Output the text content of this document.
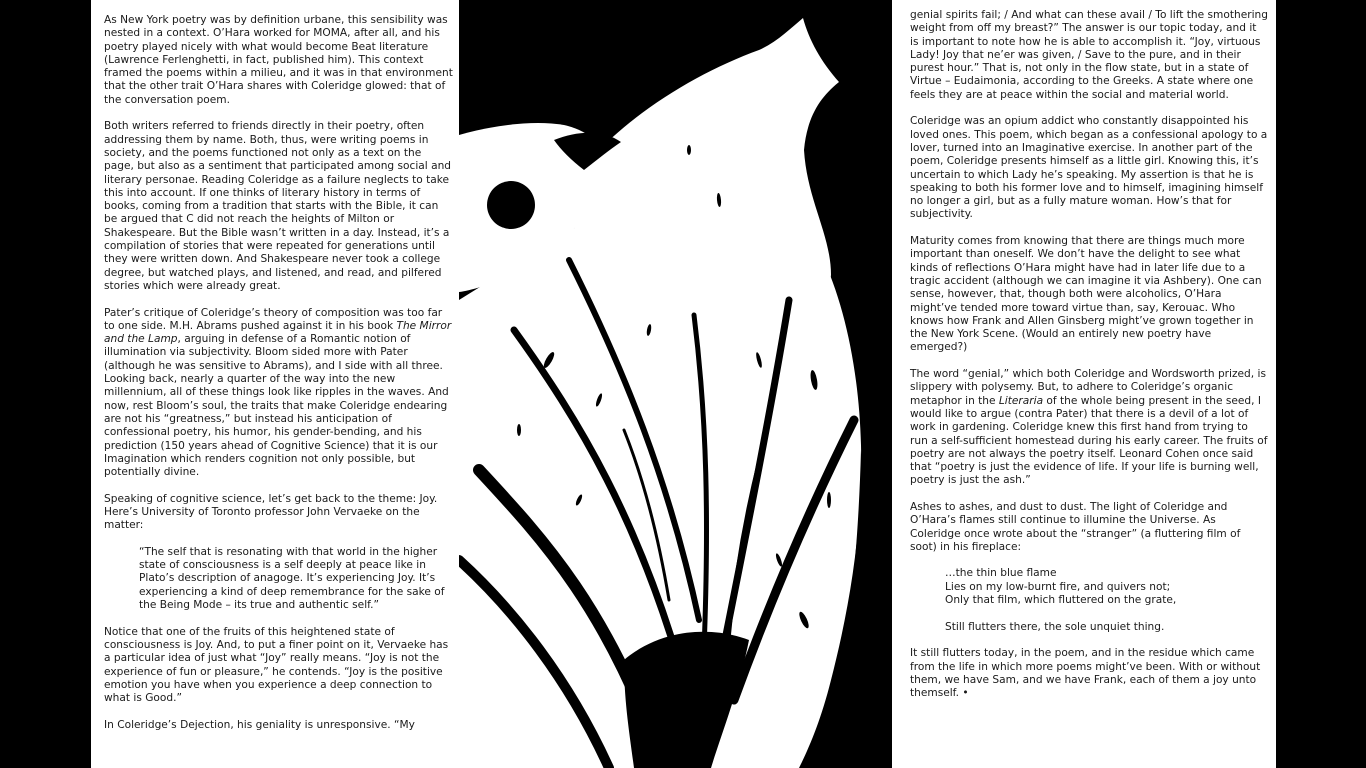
As New York poetry was by definition urbane, this sensibility was nested in a context. O’Hara worked for MOMA, after all, and his poetry played nicely with what would become Beat literature (Lawrence Ferlenghetti, in fact, published him). This context framed the poems within a milieu, and it was in that environment that the other trait O’Hara shares with Coleridge glowed: that of the conversation poem.

Both writers referred to friends directly in their poetry, often addressing them by name. Both, thus, were writing poems in society, and the poems functioned not only as a text on the page, but also as a sentiment that participated among social and literary personae. Reading Coleridge as a failure neglects to take this into account. If one thinks of literary history in terms of books, coming from a tradition that starts with the Bible, it can be argued that C did not reach the heights of Milton or Shakespeare. But the Bible wasn’t written in a day. Instead, it’s a compilation of stories that were repeated for generations until they were written down. And Shakespeare never took a college degree, but watched plays, and listened, and read, and pilfered stories which were already great.

Pater’s critique of Coleridge’s theory of composition was too far to one side. M.H. Abrams pushed against it in his book The Mirror and the Lamp, arguing in defense of a Romantic notion of illumination via subjectivity. Bloom sided more with Pater (although he was sensitive to Abrams), and I side with all three. Looking back, nearly a quarter of the way into the new millennium, all of these things look like ripples in the waves. And now, rest Bloom’s soul, the traits that make Coleridge endearing are not his “greatness,” but instead his anticipation of confessional poetry, his humor, his gender-bending, and his prediction (150 years ahead of Cognitive Science) that it is our Imagination which renders cognition not only possible, but potentially divine.

Speaking of cognitive science, let’s get back to the theme: Joy. Here’s University of Toronto professor John Vervaeke on the matter:

“The self that is resonating with that world in the higher state of consciousness is a self deeply at peace like in Plato’s description of anagoge. It’s experiencing Joy. It’s experiencing a kind of deep remembrance for the sake of the Being Mode – its true and authentic self.”

Notice that one of the fruits of this heightened state of consciousness is Joy. And, to put a finer point on it, Vervaeke has a particular idea of just what “Joy” really means. “Joy is not the experience of fun or pleasure,” he contends. “Joy is the positive emotion you have when you experience a deep connection to what is Good.”

In Coleridge’s Dejection, his geniality is unresponsive. “My

genial spirits fail; / And what can these avail / To lift the smothering weight from off my breast?” The answer is our topic today, and it is important to note how he is able to accomplish it. “Joy, virtuous Lady! Joy that ne’er was given, / Save to the pure, and in their purest hour.” That is, not only in the flow state, but in a state of Virtue – Eudaimonia, according to the Greeks. A state where one feels they are at peace within the social and material world.

Coleridge was an opium addict who constantly disappointed his loved ones. This poem, which began as a confessional apology to a lover, turned into an Imaginative exercise. In another part of the poem, Coleridge presents himself as a little girl. Knowing this, it’s uncertain to which Lady he’s speaking. My assertion is that he is speaking to both his former love and to himself, imagining himself no longer a girl, but as a fully mature woman. How’s that for subjectivity.

Maturity comes from knowing that there are things much more important than oneself. We don’t have the delight to see what kinds of reflections O’Hara might have had in later life due to a tragic accident (although we can imagine it via Ashbery). One can sense, however, that, though both were alcoholics, O’Hara might’ve tended more toward virtue than, say, Kerouac. Who knows how Frank and Allen Ginsberg might’ve grown together in the New York Scene. (Would an entirely new poetry have emerged?)

The word “genial,” which both Coleridge and Wordsworth prized, is slippery with polysemy. But, to adhere to Coleridge’s organic metaphor in the Literaria of the whole being present in the seed, I would like to argue (contra Pater) that there is a devil of a lot of work in gardening. Coleridge knew this first hand from trying to run a self-sufficient homestead during his early career. The fruits of poetry are not always the poetry itself. Leonard Cohen once said that “poetry is just the evidence of life. If your life is burning well, poetry is just the ash.”

Ashes to ashes, and dust to dust. The light of Coleridge and O’Hara’s flames still continue to illumine the Universe. As Coleridge once wrote about the “stranger” (a fluttering film of soot) in his fireplace:

…the thin blue flame
Lies on my low-burnt fire, and quivers not;
Only that film, which fluttered on the grate,
Still flutters there, the sole unquiet thing.

It still flutters today, in the poem, and in the residue which came from the life in which more poems might’ve been. With or without them, we have Sam, and we have Frank, each of them a joy unto themself. •
